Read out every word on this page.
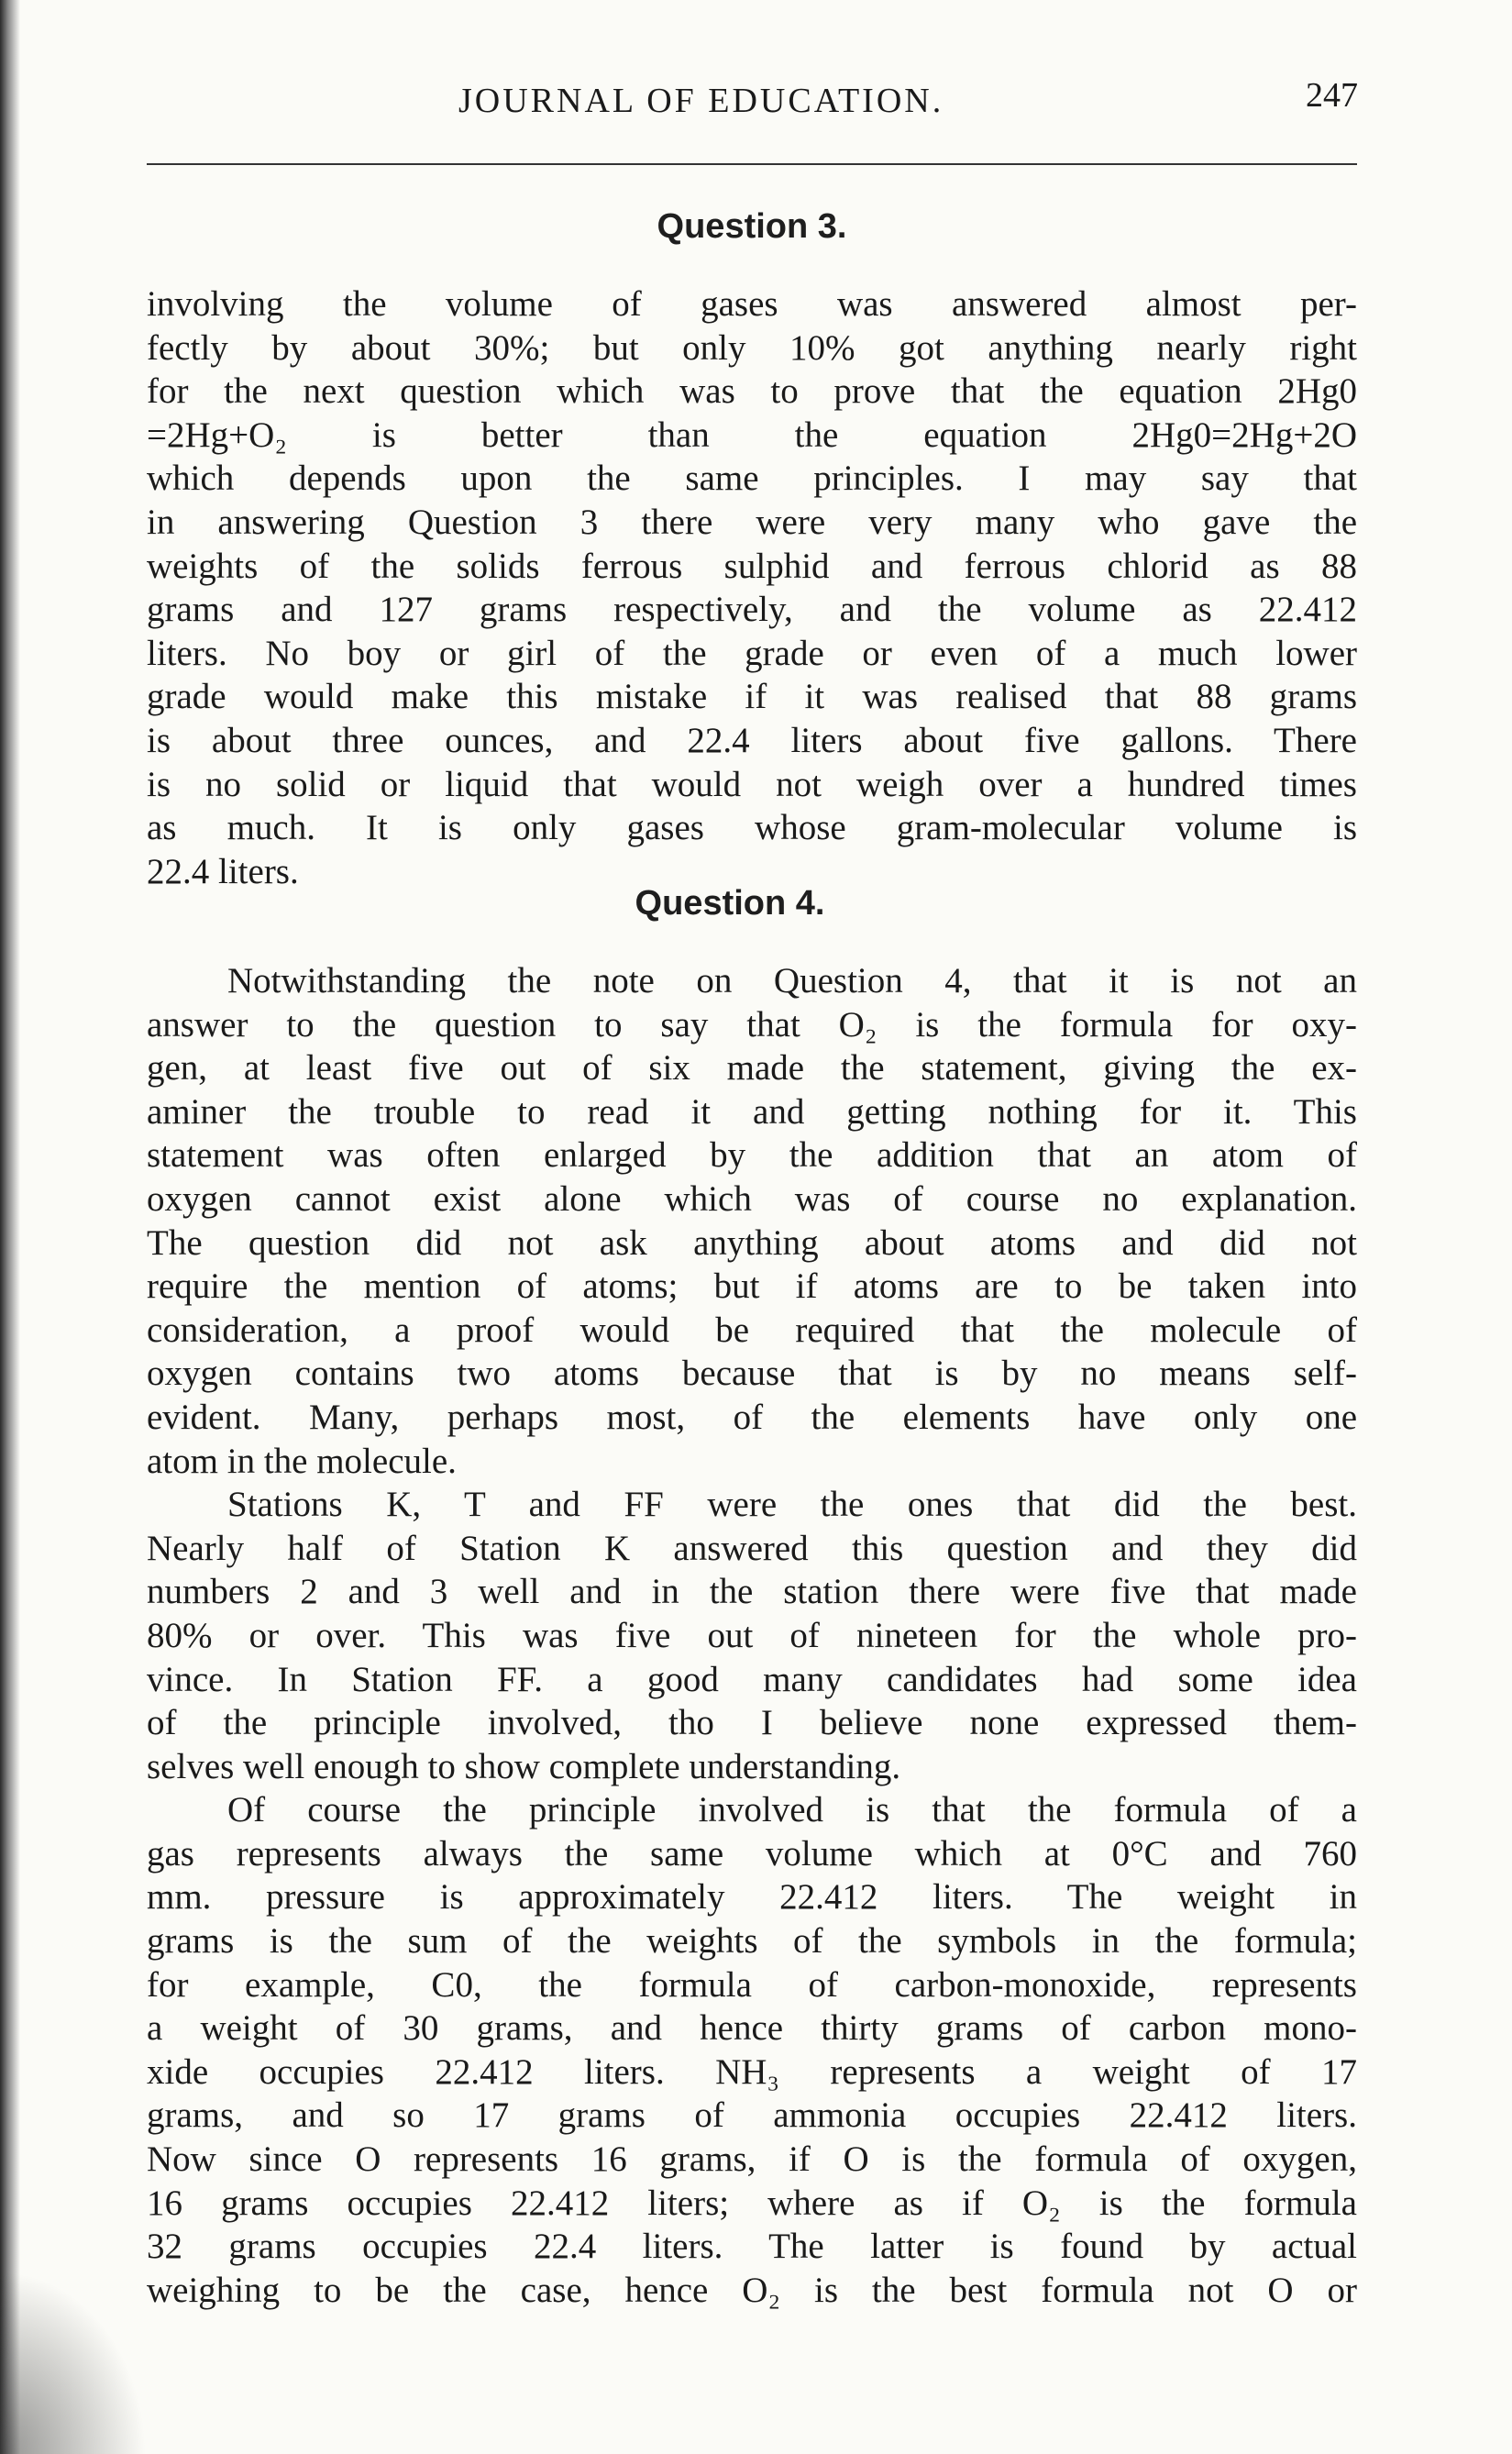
JOURNAL OF EDUCATION.	247
Question 3.
involving the volume of gases was answered almost per-
fectly by about 30%; but only 10% got anything nearly right
for the next question which was to prove that the equation 2Hg0
=2Hg+O₂ is better than the equation 2Hg0=2Hg+2O
which depends upon the same principles. I may say that
in answering Question 3 there were very many who gave the
weights of the solids ferrous sulphid and ferrous chlorid as 88
grams and 127 grams respectively, and the volume as 22.412
liters. No boy or girl of the grade or even of a much lower
grade would make this mistake if it was realised that 88 grams
is about three ounces, and 22.4 liters about five gallons. There
is no solid or liquid that would not weigh over a hundred times
as much. It is only gases whose gram-molecular volume is
22.4 liters.
Question 4.
Notwithstanding the note on Question 4, that it is not an
answer to the question to say that O₂ is the formula for oxy-
gen, at least five out of six made the statement, giving the ex-
aminer the trouble to read it and getting nothing for it. This
statement was often enlarged by the addition that an atom of
oxygen cannot exist alone which was of course no explanation.
The question did not ask anything about atoms and did not
require the mention of atoms; but if atoms are to be taken into
consideration, a proof would be required that the molecule of
oxygen contains two atoms because that is by no means self-
evident. Many, perhaps most, of the elements have only one
atom in the molecule.
Stations K, T and FF were the ones that did the best.
Nearly half of Station K answered this question and they did
numbers 2 and 3 well and in the station there were five that made
80% or over. This was five out of nineteen for the whole pro-
vince. In Station FF. a good many candidates had some idea
of the principle involved, tho I believe none expressed them-
selves well enough to show complete understanding.
Of course the principle involved is that the formula of a
gas represents always the same volume which at 0°C and 760
mm. pressure is approximately 22.412 liters. The weight in
grams is the sum of the weights of the symbols in the formula;
for example, C0, the formula of carbon-monoxide, represents
a weight of 30 grams, and hence thirty grams of carbon mono-
xide occupies 22.412 liters. NH₃ represents a weight of 17
grams, and so 17 grams of ammonia occupies 22.412 liters.
Now since O represents 16 grams, if O is the formula of oxygen,
16 grams occupies 22.412 liters; where as if O₂ is the formula
32 grams occupies 22.4 liters. The latter is found by actual
weighing to be the case, hence O₂ is the best formula not O or
